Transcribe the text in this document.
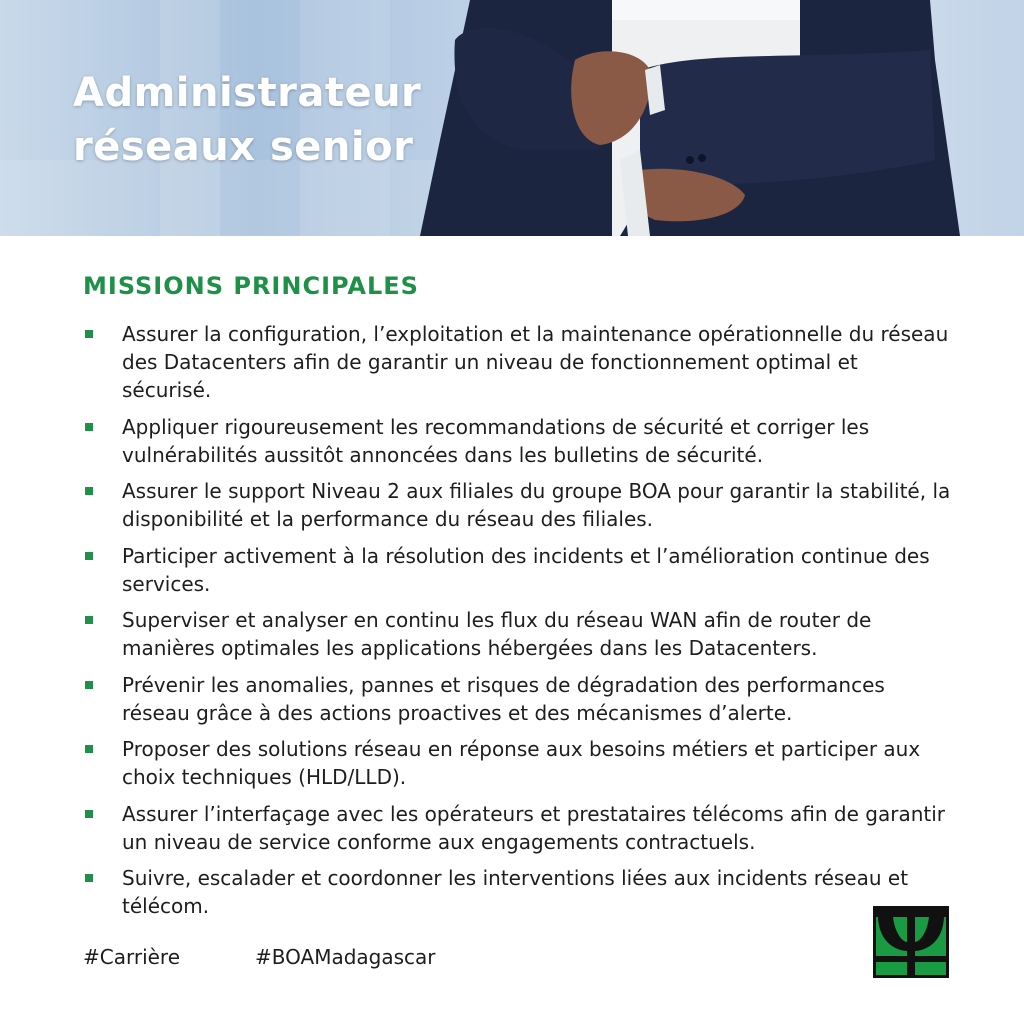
Administrateur
réseaux senior
MISSIONS PRINCIPALES
Assurer la configuration, l’exploitation et la maintenance opérationnelle du réseau des Datacenters afin de garantir un niveau de fonctionnement optimal et sécurisé.
Appliquer rigoureusement les recommandations de sécurité et corriger les vulnérabilités aussitôt annoncées dans les bulletins de sécurité.
Assurer le support Niveau 2 aux filiales du groupe BOA pour garantir la stabilité, la disponibilité et la performance du réseau des filiales.
Participer activement à la résolution des incidents et l’amélioration continue des services.
Superviser et analyser en continu les flux du réseau WAN afin de router de manières optimales les applications hébergées dans les Datacenters.
Prévenir les anomalies, pannes et risques de dégradation des performances réseau grâce à des actions proactives et des mécanismes d’alerte.
Proposer des solutions réseau en réponse aux besoins métiers et participer aux choix techniques (HLD/LLD).
Assurer l’interfaçage avec les opérateurs et prestataires télécoms afin de garantir un niveau de service conforme aux engagements contractuels.
Suivre, escalader et coordonner les interventions liées aux incidents réseau et télécom.
#Carrière	#BOAMadagascar
